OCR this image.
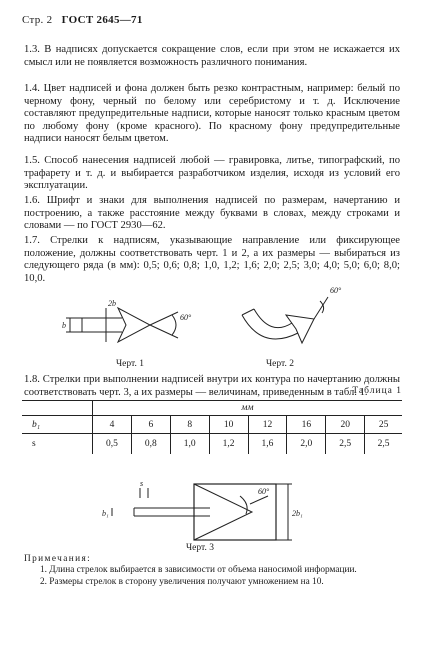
Стр. 2 ГОСТ 2645—71
1.3. В надписях допускается сокращение слов, если при этом не искажается их смысл или не появляется возможность различного понимания.
1.4. Цвет надписей и фона должен быть резко контрастным, например: белый по черному фону, черный по белому или серебристому и т. д. Исключение составляют предупредительные надписи, которые наносят только красным цветом по любому фону (кроме красного). По красному фону предупредительные надписи наносят белым цветом.
1.5. Способ нанесения надписей любой — гравировка, литье, типографский, по трафарету и т. д. и выбирается разработчиком изделия, исходя из условий его эксплуатации.
1.6. Шрифт и знаки для выполнения надписей по размерам, начертанию и построению, а также расстояние между буквами в словах, между строками и словами — по ГОСТ 2930—62.
1.7. Стрелки к надписям, указывающие направление или фиксирующее положение, должны соответствовать черт. 1 и 2, а их размеры — выбираться из следующего ряда (в мм): 0,5; 0,6; 0,8; 1,0, 1,2; 1,6; 2,0; 2,5; 3,0; 4,0; 5,0; 6,0; 8,0; 10,0.
b
2b
60°
Черт. 1
60°
Черт. 2
1.8. Стрелки при выполнении надписей внутри их контура по начертанию должны соответствовать черт. 3, а их размеры — величинам, приведенным в табл. 1.
Таблица 1
	мм							
b₁	4	6	8	10	12	16	20	25
s	0,5	0,8	1,0	1,2	1,6	2,0	2,5	2,5
s
b₁
60°
2b₁
Черт. 3
Примечания:

1. Длина стрелок выбирается в зависимости от объема наносимой информации.

2. Размеры стрелок в сторону увеличения получают умножением на 10.
